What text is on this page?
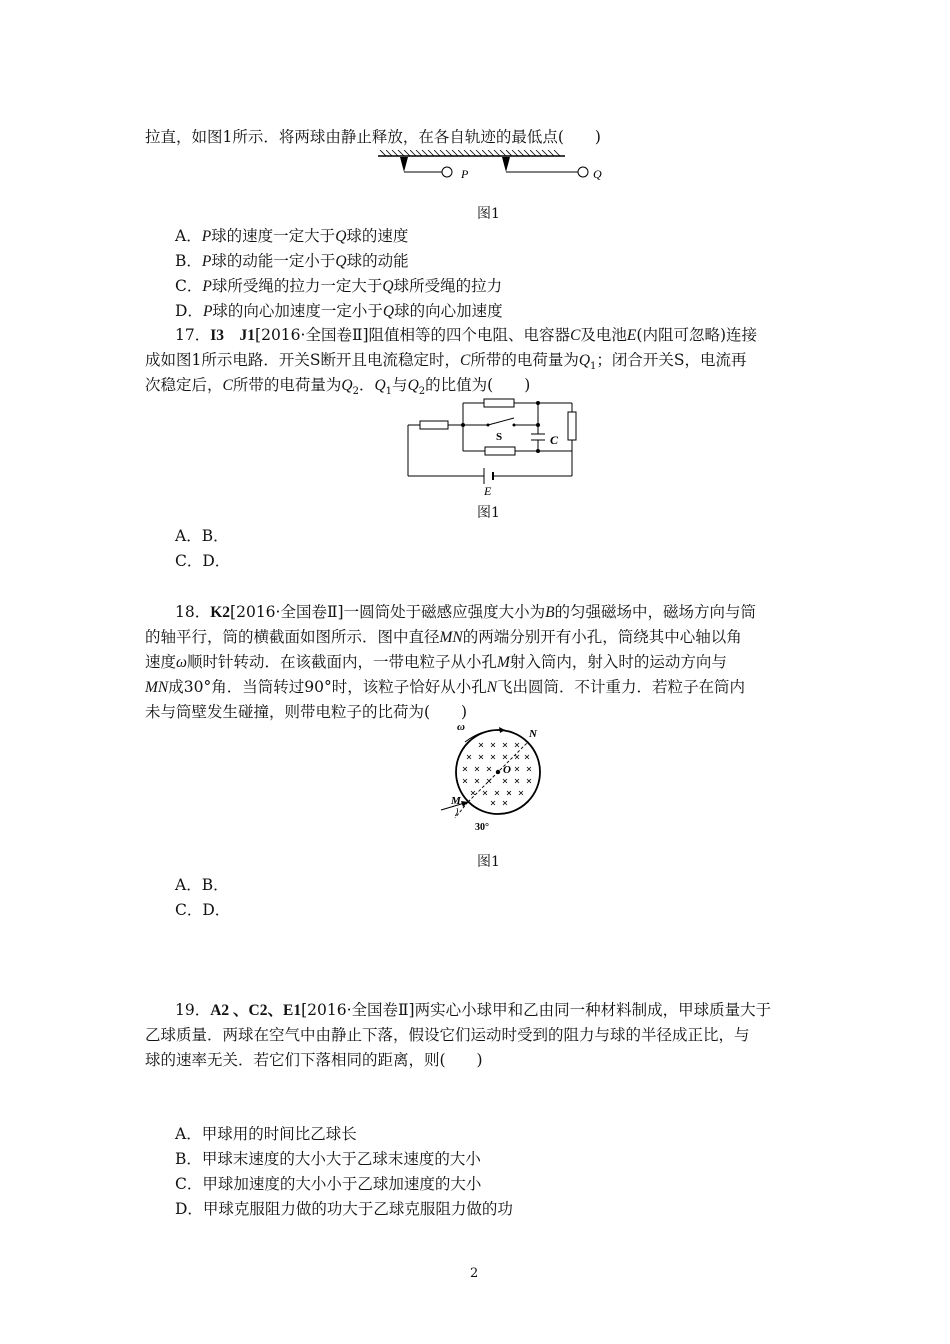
拉直，如图1所示．将两球由静止释放，在各自轨迹的最低点(　　)
P	Q
图1
A．P球的速度一定大于Q球的速度
B．P球的动能一定小于Q球的动能
C．P球所受绳的拉力一定大于Q球所受绳的拉力
D．P球的向心加速度一定小于Q球的向心加速度
17．I3　J1[2016·全国卷Ⅱ]阻值相等的四个电阻、电容器C及电池E(内阻可忽略)连接
成如图1所示电路．开关S断开且电流稳定时，C所带的电荷量为$Q_1$；闭合开关S，电流再
次稳定后，C所带的电荷量为$Q_2$．$Q_1$与$Q_2$的比值为(　　)
S	C
E
图1
A．B．
C．D．
18．K2[2016·全国卷Ⅱ]一圆筒处于磁感应强度大小为B的匀强磁场中，磁场方向与筒
的轴平行，筒的横截面如图所示．图中直径MN的两端分别开有小孔，筒绕其中心轴以角
速度ω顺时针转动．在该截面内，一带电粒子从小孔M射入筒内，射入时的运动方向与
MN成30°角．当筒转过90°时，该粒子恰好从小孔N飞出圆筒．不计重力．若粒子在筒内
未与筒壁发生碰撞，则带电粒子的比荷为(　　)
ω
N
O
M
30°
图1
A．B．
C．D．
19．A2 、C2、E1[2016·全国卷Ⅱ]两实心小球甲和乙由同一种材料制成，甲球质量大于
乙球质量．两球在空气中由静止下落，假设它们运动时受到的阻力与球的半径成正比，与
球的速率无关．若它们下落相同的距离，则(　　)
A．甲球用的时间比乙球长
B．甲球末速度的大小大于乙球末速度的大小
C．甲球加速度的大小小于乙球加速度的大小
D．甲球克服阻力做的功大于乙球克服阻力做的功
2
